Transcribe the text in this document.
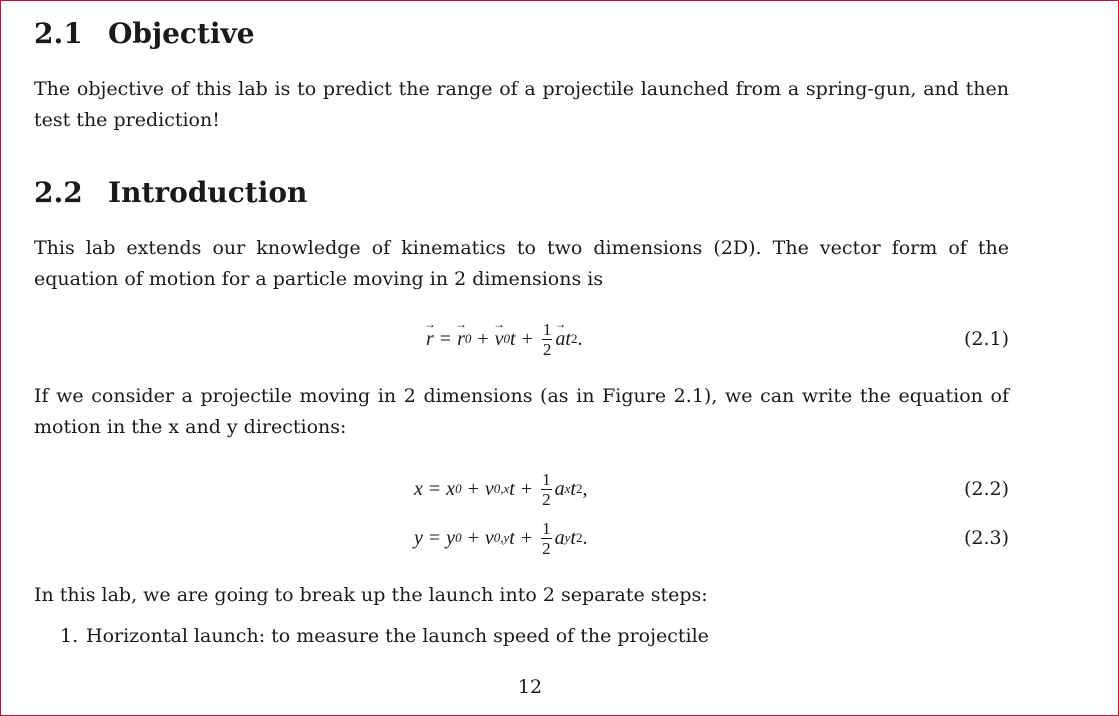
2.1 Objective

The objective of this lab is to predict the range of a projectile launched from a spring-gun, and then test the prediction!

2.2 Introduction

This lab extends our knowledge of kinematics to two dimensions (2D). The vector form of the equation of motion for a particle moving in 2 dimensions is

r → = r → 0 + v → 0 $t + \frac{1}{2}$ a → t 2 .	(2.1)

If we consider a projectile moving in 2 dimensions (as in Figure 2.1), we can write the equation of motion in the x and y directions:

x = x 0 + v 0,x $t + \frac{1}{2}$ a x t 2 ,	(2.2)
y = y 0 + v 0,y $t + \frac{1}{2}$ a y t 2 .	(2.3)

In this lab, we are going to break up the launch into 2 separate steps:

1. Horizontal launch: to measure the launch speed of the projectile

12
